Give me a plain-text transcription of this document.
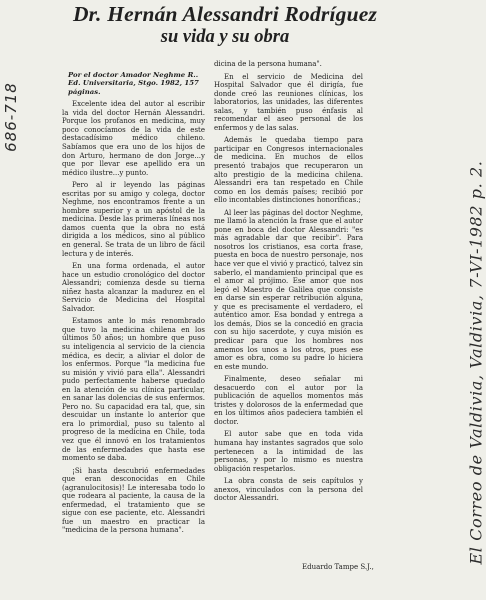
Dr. Hernán Alessandri Rodríguez
su vida y su obra

Por el doctor Amador Neghme R.. Ed. Universitaria, Stgo. 1982, 157 páginas.

Excelente idea del autor al escribir la vida del doctor Hernán Alessandri. Porque los profanos en medicina, muy poco conocíamos de la vida de este destacadísimo médico chileno. Sabíamos que era uno de los hijos de don Arturo, hermano de don Jorge...y que por llevar ese apellido era un médico ilustre...y punto.

Pero al ir leyendo las páginas escritas por su amigo y colega, doctor Neghme, nos encontramos frente a un hombre superior y a un apóstol de la medicina. Desde las primeras líneas nos damos cuenta que la obra no está dirigida a los médicos, sino al público en general. Se trata de un libro de fácil lectura y de interés.

En una forma ordenada, el autor hace un estudio cronológico del doctor Alessandri; comienza desde su tierna niñez hasta alcanzar la madurez en el Servicio de Medicina del Hospital Salvador.

Estamos ante lo más renombrado que tuvo la medicina chilena en los últimos 50 años; un hombre que puso su inteligencia al servicio de la ciencia médica, es decir, a aliviar el dolor de los enfermos. Porque "la medicina fue su misión y vivió para ella". Alessandri pudo perfectamente haberse quedado en la atención de su clínica particular, en sanar las dolencias de sus enfermos. Pero no. Su capacidad era tal, que, sin descuidar un instante lo anterior que era lo primordial, puso su talento al progreso de la medicina en Chile, toda vez que él innovó en los tratamientos de las enfermedades que hasta ese momento se daba.

¡Si hasta descubrió enfermedades que eran desconocidas en Chile (agranulocitosis)! Le interesaba todo lo que rodeara al paciente, la causa de la enfermedad, el tratamiento que se sigue con ese paciente, etc. Alessandri fue un maestro en practicar la "medicina de la persona humana".

dicina de la persona humana".

En el servicio de Medicina del Hospital Salvador que él dirigía, fue donde creó las reuniones clínicas, los laboratorios, las unidades, las diferentes salas, y también puso énfasis al recomendar el aseo personal de los enfermos y de las salas.

Además le quedaba tiempo para participar en Congresos internacionales de medicina. En muchos de ellos presentó trabajos que recuperaron un alto prestigio de la medicina chilena. Alessandri era tan respetado en Chile como en los demás países; recibió por ello incontables distinciones honoríficas.;

Al leer las páginas del doctor Neghme, me llamó la atención la frase que el autor pone en boca del doctor Alessandri: "es más agradable dar que recibir". Para nosotros los cristianos, esa corta frase, puesta en boca de nuestro personaje, nos hace ver que el vivió y practicó, talvez sin saberlo, el mandamiento principal que es el amor al prójimo. Ese amor que nos legó el Maestro de Galilea que consiste en darse sin esperar retribución alguna, y que es precisamente el verdadero, el auténtico amor. Esa bondad y entrega a los demás, Dios se la concedió en gracia con su hijo sacerdote, y cuya misión es predicar para que los hombres nos amemos los unos a los otros, pues ese amor es obra, como su padre lo hiciera en este mundo.

Finalmente, deseo señalar mi desacuerdo con el autor por la publicación de aquellos momentos más tristes y dolorosos de la enfermedad que en los últimos años padeciera también el doctor.

El autor sabe que en toda vida humana hay instantes sagrados que solo pertenecen a la intimidad de las personas, y por lo mismo es nuestra obligación respetarlos.

La obra consta de seis capítulos y anexos, vinculados con la persona del doctor Alessandri.

Eduardo Tampe S.J.,
686-718
El Correo de Valdivia, Valdivia, 7-VI-1982 p. 2.
